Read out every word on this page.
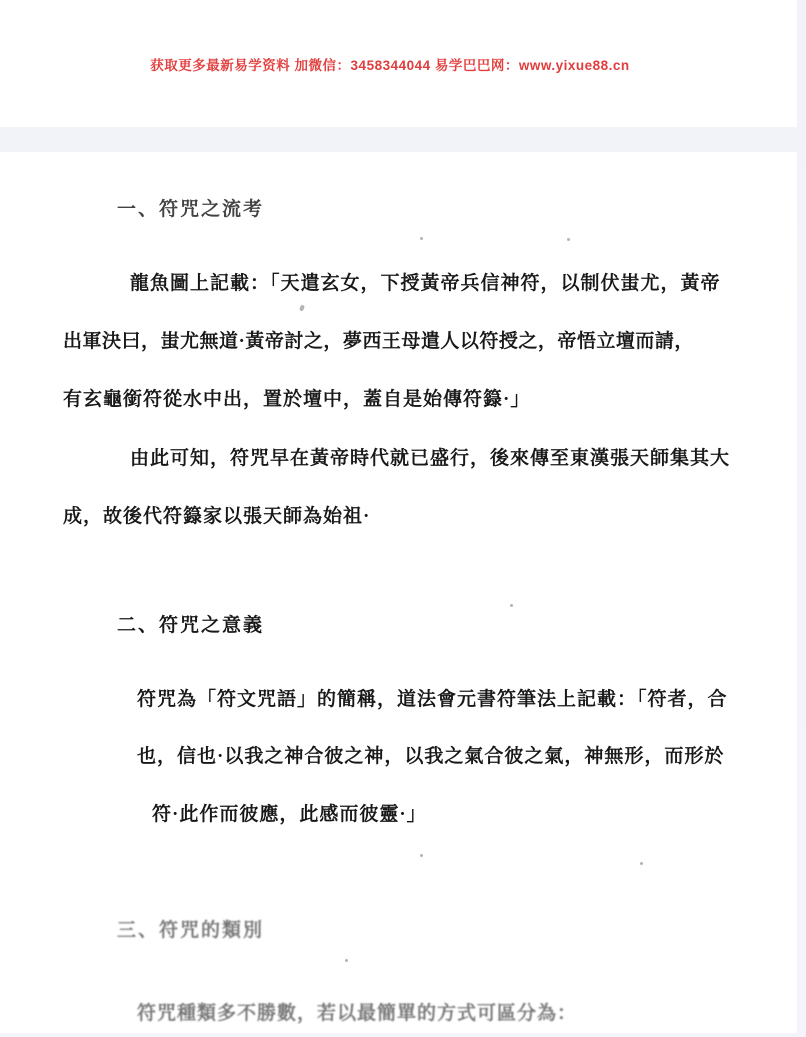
获取更多最新易学资料 加微信：3458344044 易学巴巴网：www.yixue88.cn
一、符咒之流考
龍魚圖上記載：「天遣玄女，下授黃帝兵信神符，以制伏蚩尤，黃帝
出軍決曰，蚩尤無道·黃帝討之，夢西王母遣人以符授之，帝悟立壇而請，
有玄龜銜符從水中出，置於壇中，蓋自是始傳符籙·」
由此可知，符咒早在黃帝時代就已盛行，後來傳至東漢張天師集其大
成，故後代符籙家以張天師為始祖·
二、符咒之意義
符咒為「符文咒語」的簡稱，道法會元書符筆法上記載：「符者，合
也，信也·以我之神合彼之神，以我之氣合彼之氣，神無形，而形於
符·此作而彼應，此感而彼靈·」
三、符咒的類別
符咒種類多不勝數，若以最簡單的方式可區分為：
